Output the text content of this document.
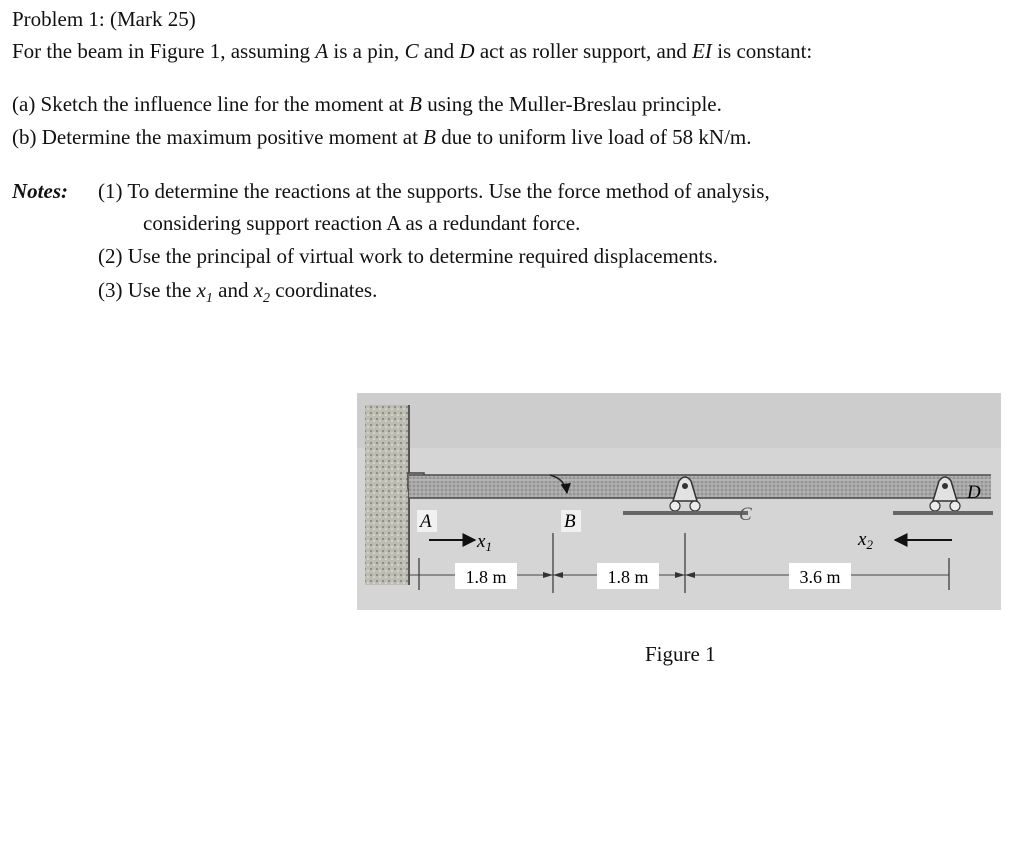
Problem 1: (Mark 25)
For the beam in Figure 1, assuming A is a pin, C and D act as roller support, and EI is constant:
(a) Sketch the influence line for the moment at B using the Muller-Breslau principle.
(b) Determine the maximum positive moment at B due to uniform live load of 58 kN/m.
Notes: (1) To determine the reactions at the supports. Use the force method of analysis,
considering support reaction A as a redundant force.
(2) Use the principal of virtual work to determine required displacements.
(3) Use the $x_1$ and $x_2$ coordinates.
A	B	C
D
$x_1$	$x_2$
1.8 m	1.8 m	3.6 m
Figure 1
